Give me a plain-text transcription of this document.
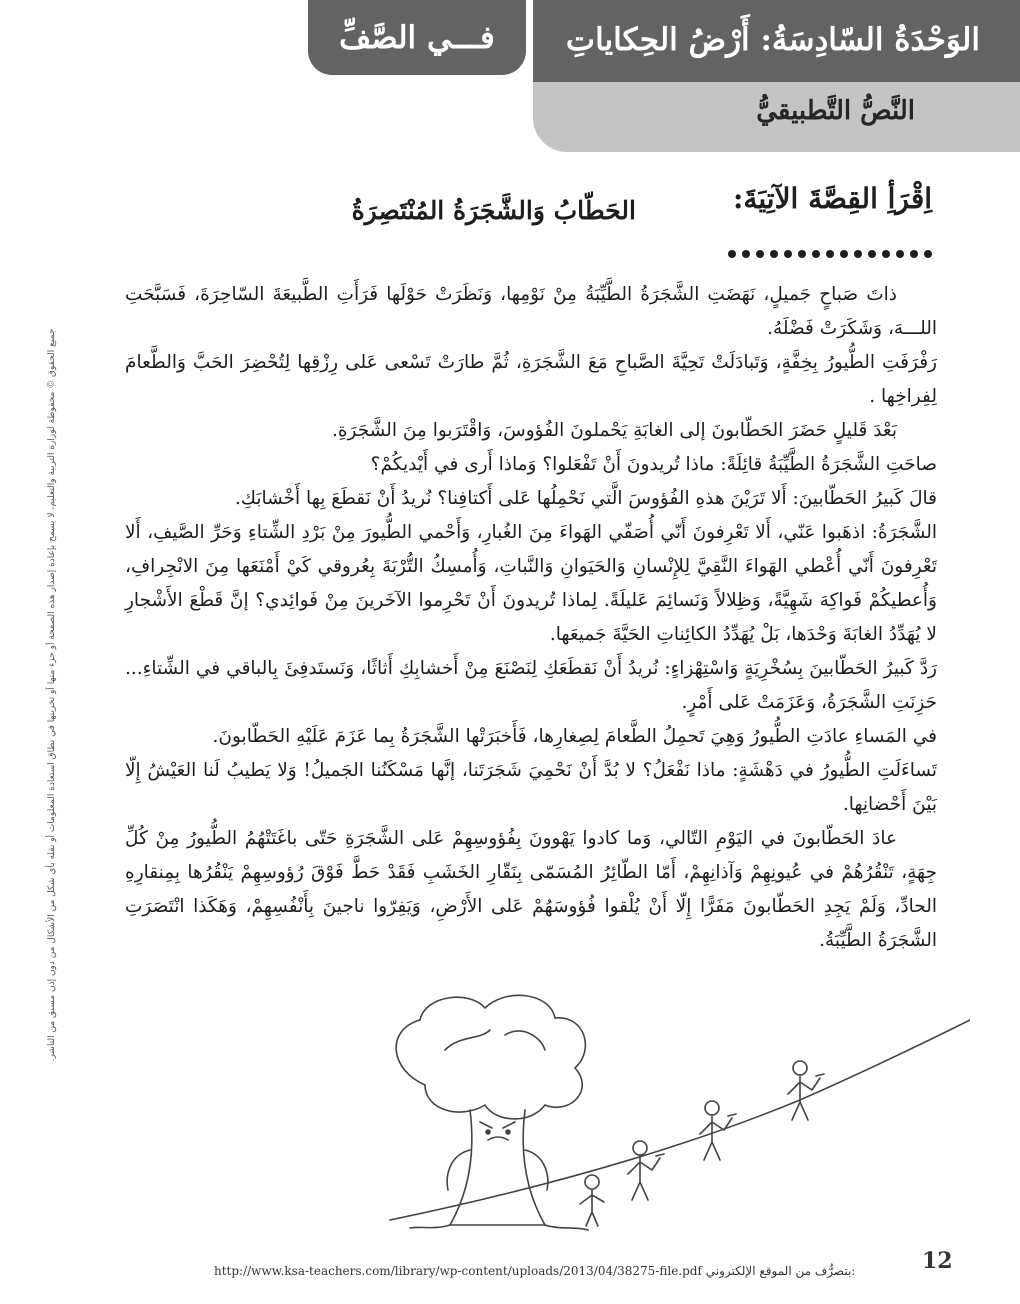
الوَحْدَةُ السّادِسَةُ: أَرْضُ الحِكاياتِ
النَّصُّ التَّطبيقيُّ
فـــي الصَّفِّ
اِقْرَأِ القِصَّةَ الآتِيَةَ:
الحَطّابُ وَالشَّجَرَةُ المُنْتَصِرَةُ

ذاتَ صَباحٍ جَميلٍ، نَهَضَتِ الشَّجَرَةُ الطَّيِّبَةُ مِنْ نَوْمِها، وَنَظَرَتْ حَوْلَها فَرَأَتِ الطَّبيعَةَ السّاحِرَةَ، فَسَبَّحَتِ اللـــهَ، وَشَكَرَتْ فَضْلَهُ.

رَفْرَفَتِ الطُّيورُ بِخِفَّةٍ، وَتَبادَلَتْ تَحِيَّةَ الصَّباحِ مَعَ الشَّجَرَةِ، ثُمَّ طارَتْ تَسْعى عَلى رِزْقِها لِتُحْضِرَ الحَبَّ وَالطَّعامَ لِفِراخِها .

بَعْدَ قَليلٍ حَضَرَ الحَطّابونَ إلى الغابَةِ يَحْملونَ الفُؤوسَ، وَاقْتَرَبوا مِنَ الشَّجَرَةِ.

صاحَتِ الشَّجَرَةُ الطَّيِّبَةُ قائِلَةً: ماذا تُريدونَ أَنْ تَفْعَلوا؟ وَماذا أَرى في أَيْديكُمْ؟

قالَ كَبيرُ الحَطّابينَ: أَلا تَرَيْنَ هذهِ الفُؤوسَ الَّتي نَحْمِلُها عَلى أَكتافِنا؟ نُريدُ أَنْ نَقطَعَ بِها أَخْشابَكِ.

الشَّجَرَةُ: اذهَبوا عَنّي، أَلا تَعْرِفونَ أَنّي أُصَفّي الهَواءَ مِنَ الغُبارِ، وَأَحْمي الطُّيورَ مِنْ بَرْدِ الشِّتاءِ وَحَرِّ الصَّيفِ، أَلا تَعْرِفونَ أَنّي أُعْطي الهَواءَ النَّقِيَّ لِلإِنْسانِ وَالحَيَوانِ وَالنَّباتِ، وَأُمسِكُ التُّرْبَةَ بِعُروقي كَيْ أَمْنَعَها مِنَ الانْجِرافِ، وَأُعطيكُمْ فَواكِهَ شَهِيَّةً، وَظِلالاً وَنَسائِمَ عَليلَةً. لِماذا تُريدونَ أَنْ تَحْرِموا الآخَرينَ مِنْ فَوائِدي؟ إنَّ قَطْعَ الأَشْجارِ لا يُهَدِّدُ الغابَةَ وَحْدَها، بَلْ يُهَدِّدُ الكائِناتِ الحَيَّةَ جَميعَها.

رَدَّ كَبيرُ الحَطّابينَ بِسُخْرِيَةٍ وَاسْتِهْزاءٍ: نُريدُ أَنْ نَقطَعَكِ لِنَصْنَعَ مِنْ أَخشابِكِ أَثاثًا، وَنَستَدفِئَ بِالباقي في الشِّتاءِ... حَزِنَتِ الشَّجَرَةُ، وَعَزَمَتْ عَلى أَمْرٍ.

في المَساءِ عادَتِ الطُّيورُ وَهِيَ تَحمِلُ الطَّعامَ لِصِغارِها، فَأَخبَرَتْها الشَّجَرَةُ بِما عَزَمَ عَلَيْهِ الحَطّابونَ.

تَساءَلَتِ الطُّيورُ في دَهْشَةٍ: ماذا نَفْعَلُ؟ لا بُدَّ أَنْ نَحْمِيَ شَجَرَتَنا، إنَّها مَسْكَنُنا الجَميلُ! وَلا يَطيبُ لَنا العَيْشُ إِلّا بَيْنَ أَحْضانِها.

عادَ الحَطّابونَ في اليَوْمِ التّالي، وَما كادوا يَهْوونَ بِفُؤوسِهِمْ عَلى الشَّجَرَةِ حَتّى باغَتَتْهُمُ الطُّيورُ مِنْ كُلِّ جِهَةٍ، تَنْقُرُهُمْ في عُيونِهِمْ وَآذانِهِمْ، أَمّا الطّائِرُ المُسَمّى بِنَقّارِ الخَشَبِ فَقَدْ حَطَّ فَوْقَ رُؤوسِهِمْ يَنْقُرُها بِمِنقارِهِ الحادِّ، وَلَمْ يَجِدِ الحَطّابونَ مَفَرًّا إِلّا أَنْ يُلْقوا فُؤوسَهُمْ عَلى الأَرْضِ، وَيَفِرّوا ناجينَ بِأَنْفُسِهِمْ، وَهَكَذا انْتَصَرَتِ الشَّجَرَةُ الطَّيِّبَةُ.

جميع الحقوق © محفوظة لوزارة التربية والتعليم، لا يسمح بإعادة إصدار هذه الصفحة أو جزء منها أو تخزينها في نطاق استعادة المعلومات أو نقله بأي شكل من الأشكال من دون إذن مسبق من الناشر.
http://www.ksa-teachers.com/library/wp-content/uploads/2013/04/38275-file.pdf بتصرُّف من الموقع الإلكتروني:	12
